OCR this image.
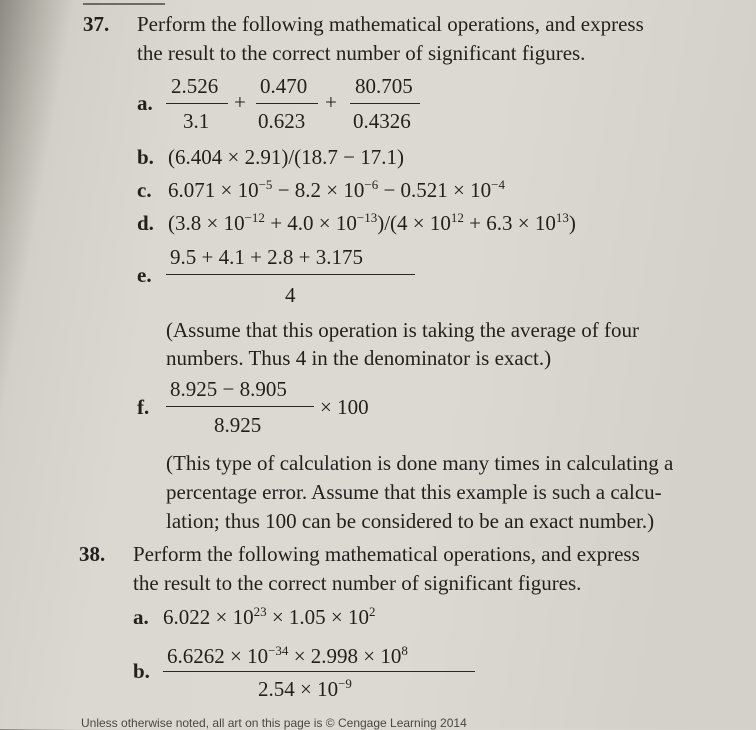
37. Perform the following mathematical operations, and express
the result to the correct number of significant figures.
a.
2.526
3.1
+
0.470
0.623
+
80.705
0.4326
b. (6.404 × 2.91)/(18.7 − 17.1)
c. $6.071 \times 10^{-5} - 8.2 \times 10^{-6} - 0.521 \times 10^{-4}$
d. $(3.8 \times 10^{-12} + 4.0 \times 10^{-13})/(4 \times 10^{12} + 6.3 \times 10^{13})$
e.
9.5 + 4.1 + 2.8 + 3.175
4
(Assume that this operation is taking the average of four
numbers. Thus 4 in the denominator is exact.)
f.
8.925 − 8.905
8.925
× 100
(This type of calculation is done many times in calculating a
percentage error. Assume that this example is such a calcu-
lation; thus 100 can be considered to be an exact number.)
38. Perform the following mathematical operations, and express
the result to the correct number of significant figures.
a. $6.022 \times 10^{23} \times 1.05 \times 10^2$
b.
$6.6262 \times 10^{-34} \times 2.998 \times 10^8$
$2.54 \times 10^{-9}$
Unless otherwise noted, all art on this page is © Cengage Learning 2014
